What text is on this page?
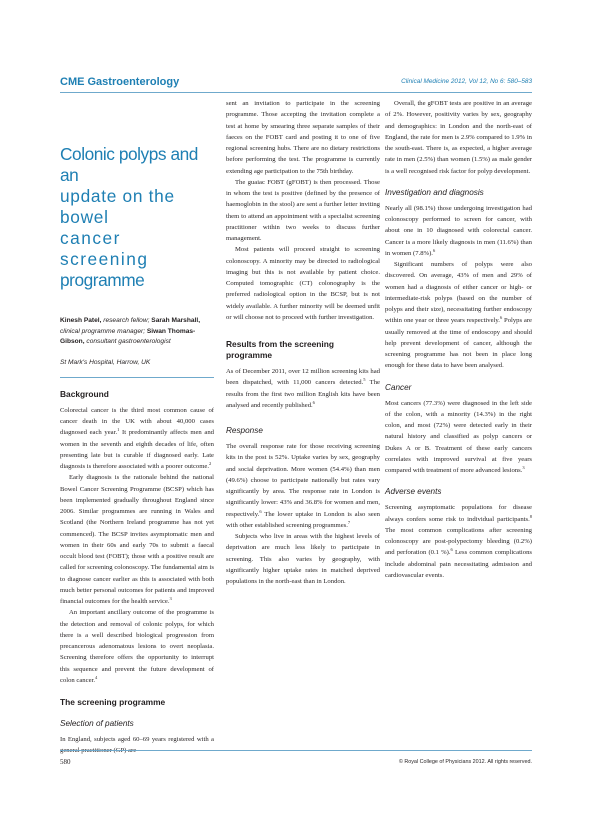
CME Gastroenterology	Clinical Medicine 2012, Vol 12, No 6: 580–583
Colonic polyps and an
update on the bowel
cancer screening
programme
Kinesh Patel, research fellow; Sarah Marshall, clinical programme manager; Siwan Thomas-Gibson, consultant gastroenterologist
St Mark's Hospital, Harrow, UK
Background

Colorectal cancer is the third most common cause of cancer death in the UK with about 40,000 cases diagnosed each year.$^1$ It predominantly affects men and women in the seventh and eighth decades of life, often presenting late but is curable if diagnosed early. Late diagnosis is therefore associated with a poorer outcome.$^2$

Early diagnosis is the rationale behind the national Bowel Cancer Screening Programme (BCSP) which has been implemented gradually throughout England since 2006. Similar programmes are running in Wales and Scotland (the Northern Ireland programme has not yet commenced). The BCSP invites asymptomatic men and women in their 60s and early 70s to submit a faecal occult blood test (FOBT); those with a positive result are called for screening colonoscopy. The fundamental aim is to diagnose cancer earlier as this is associated with both much better personal outcomes for patients and improved financial outcomes for the health service.$^3$

An important ancillary outcome of the programme is the detection and removal of colonic polyps, for which there is a well described biological progression from precancerous adenomatous lesions to overt neoplasia. Screening therefore offers the opportunity to interrupt this sequence and prevent the future development of colon cancer.$^4$

The screening programme
Selection of patients

In England, subjects aged 60–69 years registered with a general practitioner (GP) are

sent an invitation to participate in the screening programme. Those accepting the invitation complete a test at home by smearing three separate samples of their faeces on the FOBT card and posting it to one of five regional screening hubs. There are no dietary restrictions before performing the test. The programme is currently extending age participation to the 75th birthday.

The guaiac FOBT (gFOBT) is then processed. Those in whom the test is positive (defined by the presence of haemoglobin in the stool) are sent a further letter inviting them to attend an appointment with a specialist screening practitioner within two weeks to discuss further management.

Most patients will proceed straight to screening colonoscopy. A minority may be directed to radiological imaging but this is not available by patient choice. Computed tomographic (CT) colonography is the preferred radiological option in the BCSP, but is not widely available. A further minority will be deemed unfit or will choose not to proceed with further investigation.

Results from the screening programme

As of December 2011, over 12 million screening kits had been dispatched, with 11,000 cancers detected.$^5$ The results from the first two million English kits have been analysed and recently published.$^6$

Response

The overall response rate for those receiving screening kits in the post is 52%. Uptake varies by sex, geography and social deprivation. More women (54.4%) than men (49.6%) choose to participate nationally but rates vary significantly by area. The response rate in London is significantly lower: 43% and 36.8% for women and men, respectively.$^6$ The lower uptake in London is also seen with other established screening programmes.$^7$

Subjects who live in areas with the highest levels of deprivation are much less likely to participate in screening. This also varies by geography, with significantly higher uptake rates in matched deprived populations in the north-east than in London.

Overall, the gFOBT tests are positive in an average of 2%. However, positivity varies by sex, geography and demographics: in London and the north-east of England, the rate for men is 2.9% compared to 1.9% in the south-east. There is, as expected, a higher average rate in men (2.5%) than women (1.5%) as male gender is a well recognised risk factor for polyp development.

Investigation and diagnosis

Nearly all (98.1%) those undergoing investigation had colonoscopy performed to screen for cancer, with about one in 10 diagnosed with colorectal cancer. Cancer is a more likely diagnosis in men (11.6%) than in women (7.8%).$^6$

Significant numbers of polyps were also discovered. On average, 43% of men and 29% of women had a diagnosis of either cancer or high- or intermediate-risk polyps (based on the number of polyps and their size), necessitating further endoscopy within one year or three years respectively.$^6$ Polyps are usually removed at the time of endoscopy and should help prevent development of cancer, although the screening programme has not been in place long enough for these data to have been analysed.

Cancer

Most cancers (77.3%) were diagnosed in the left side of the colon, with a minority (14.3%) in the right colon, and most (72%) were detected early in their natural history and classified as polyp cancers or Dukes A or B. Treatment of these early cancers correlates with improved survival at five years compared with treatment of more advanced lesions.$^3$

Adverse events

Screening asymptomatic populations for disease always confers some risk to individual participants.$^8$ The most common complications after screening colonoscopy are post-polypectomy bleeding (0.2%) and perforation (0.1 %).$^6$ Less common complications include abdominal pain necessitating admission and cardiovascular events.

580	© Royal College of Physicians 2012. All rights reserved.
